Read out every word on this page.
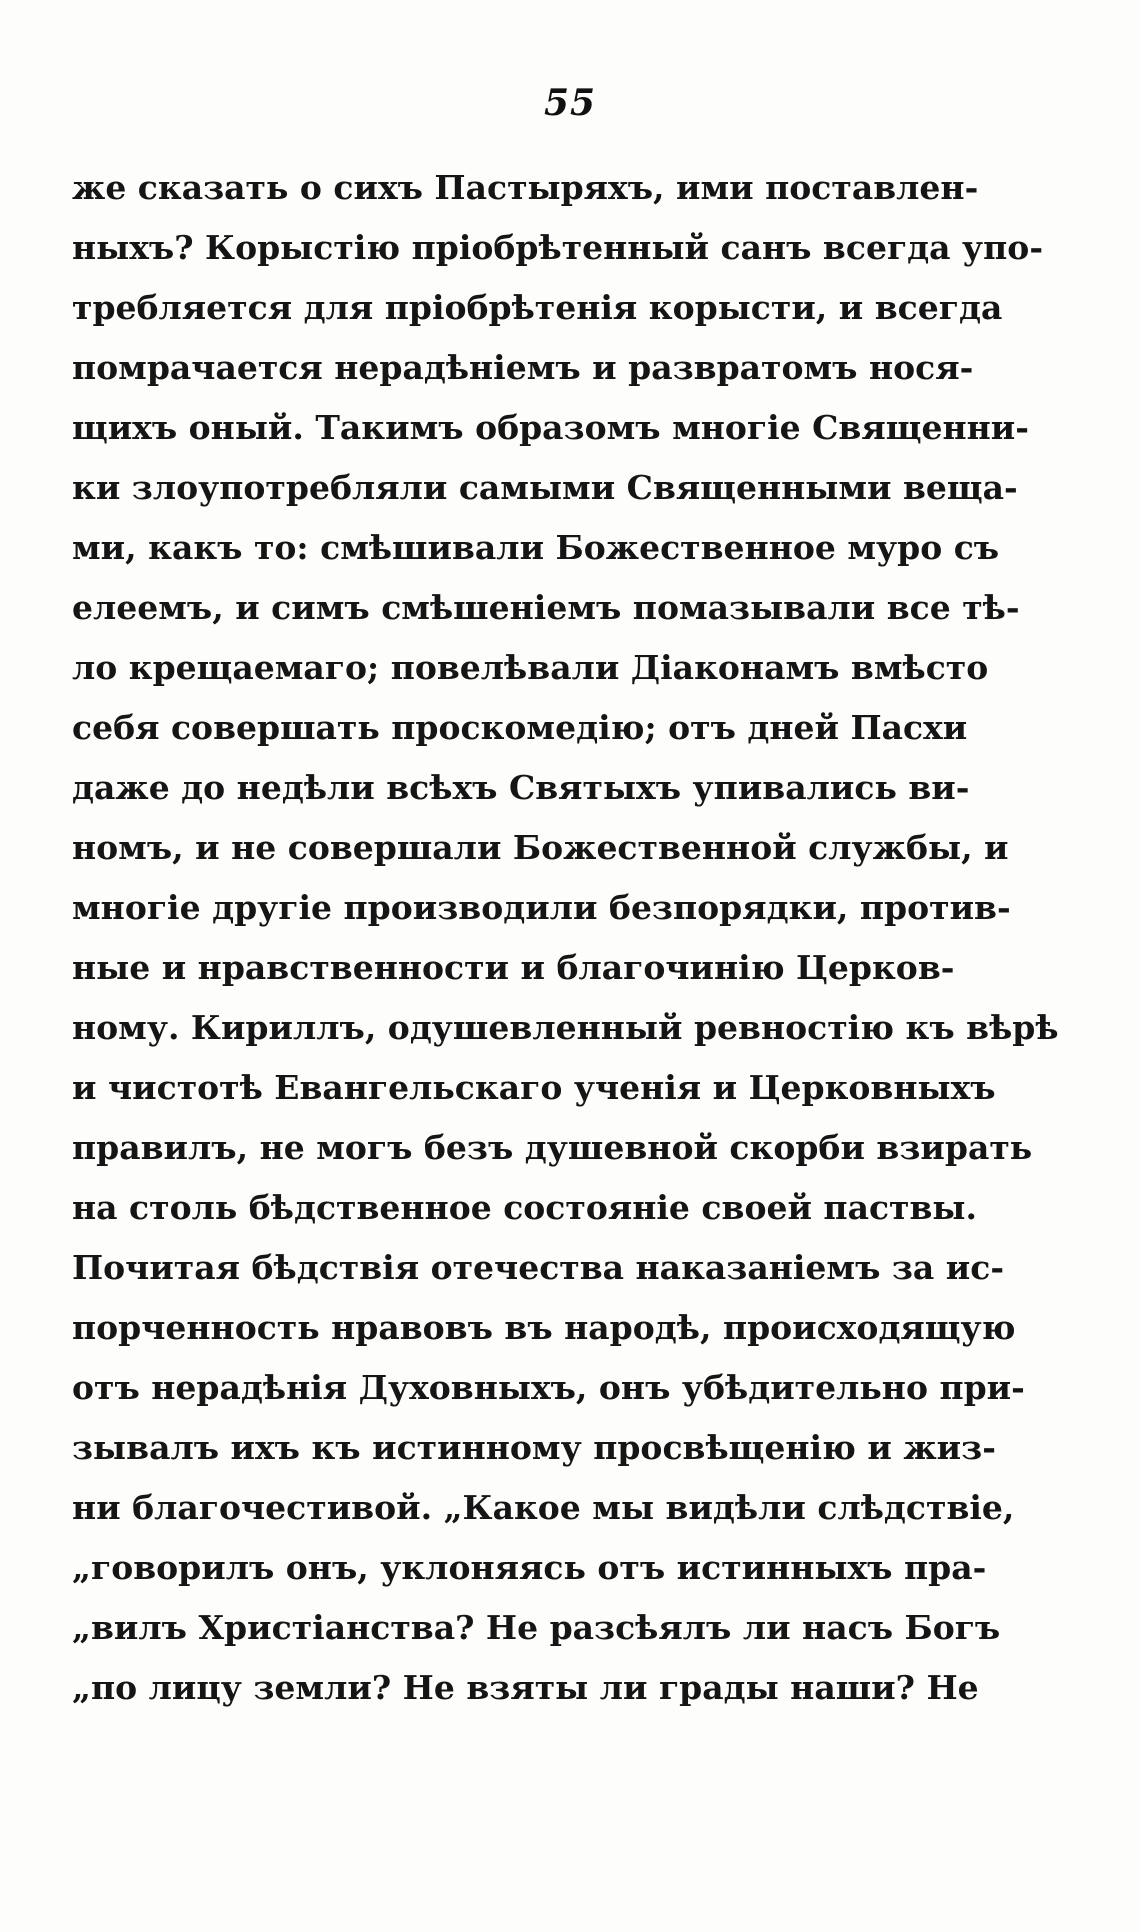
55
же сказать о сихъ Пастыряхъ, ими поставлен-
ныхъ? Корыстію пріобрѣтенный санъ всегда упо-
требляется для пріобрѣтенія корысти, и всегда
помрачается нерадѣніемъ и развратомъ нося-
щихъ оный. Такимъ образомъ многіе Священни-
ки злоупотребляли самыми Священными веща-
ми, какъ то: смѣшивали Божественное муро съ
елеемъ, и симъ смѣшеніемъ помазывали все тѣ-
ло крещаемаго; повелѣвали Діаконамъ вмѣсто
себя совершать проскомедію; отъ дней Пасхи
даже до недѣли всѣхъ Святыхъ упивались ви-
номъ, и не совершали Божественной службы, и
многіе другіе производили безпорядки, против-
ные и нравственности и благочинію Церков-
ному. Кириллъ, одушевленный ревностію къ вѣрѣ
и чистотѣ Евангельскаго ученія и Церковныхъ
правилъ, не могъ безъ душевной скорби взирать
на столь бѣдственное состояніе своей паствы.
Почитая бѣдствія отечества наказаніемъ за ис-
порченность нравовъ въ народѣ, происходящую
отъ нерадѣнія Духовныхъ, онъ убѣдительно при-
зывалъ ихъ къ истинному просвѣщенію и жиз-
ни благочестивой. „Какое мы видѣли слѣдствіе,
„говорилъ онъ, уклоняясь отъ истинныхъ пра-
„вилъ Христіанства? Не разсѣялъ ли насъ Богъ
„по лицу земли? Не взяты ли грады наши? Не
